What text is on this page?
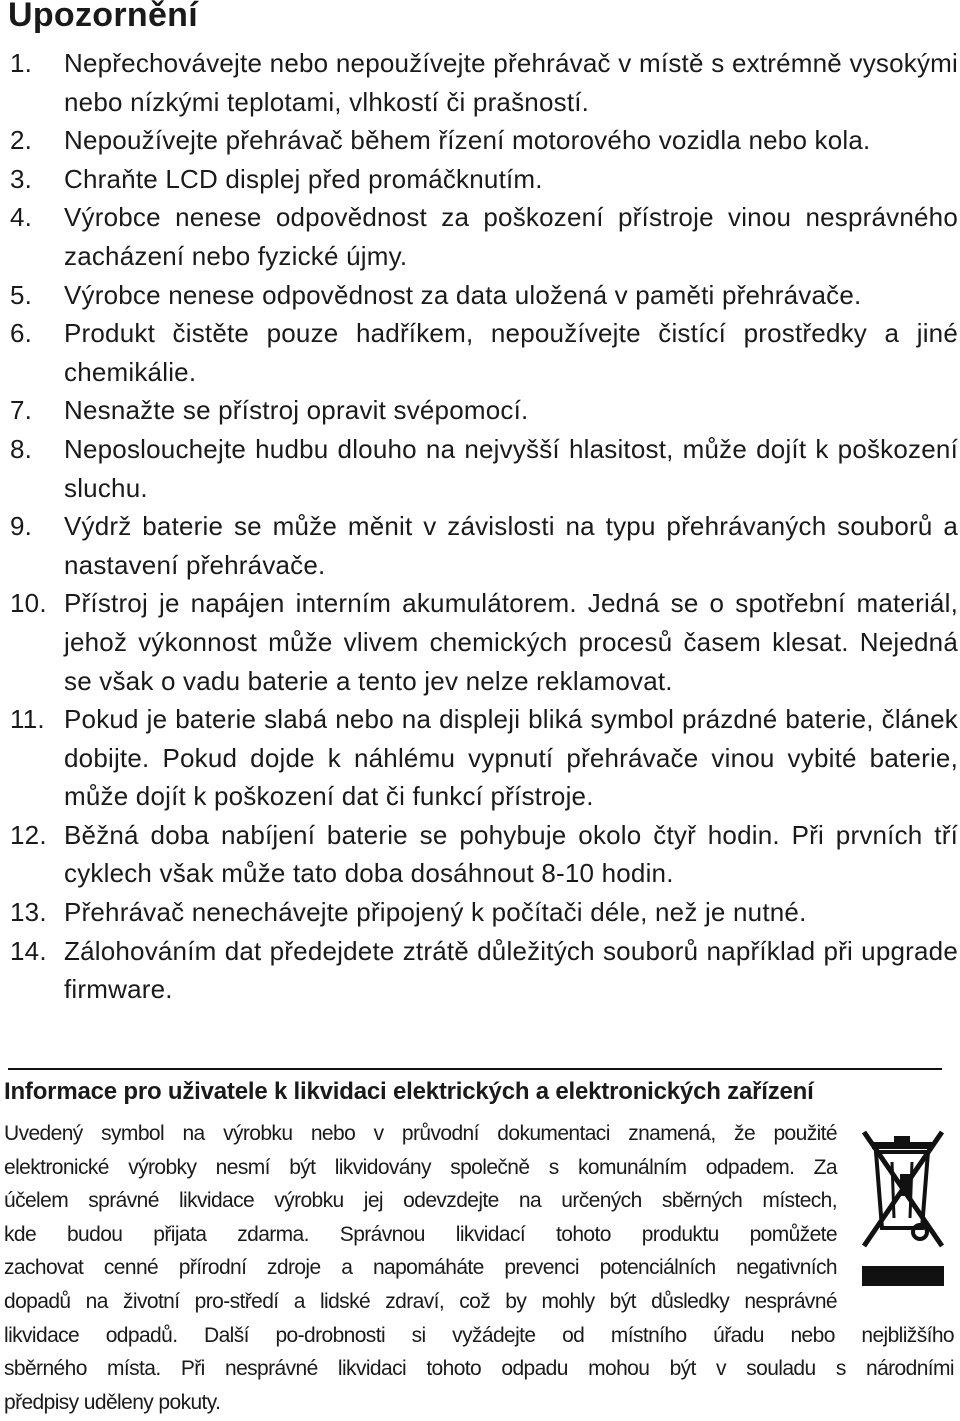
Upozornění
1. Nepřechovávejte nebo nepoužívejte přehrávač v místě s extrémně vysokými nebo nízkými teplotami, vlhkostí či prašností.
2. Nepoužívejte přehrávač během řízení motorového vozidla nebo kola.
3. Chraňte LCD displej před promáčknutím.
4. Výrobce nenese odpovědnost za poškození přístroje vinou nesprávného zacházení nebo fyzické újmy.
5. Výrobce nenese odpovědnost za data uložená v paměti přehrávače.
6. Produkt čistěte pouze hadříkem, nepoužívejte čistící prostředky a jiné chemikálie.
7. Nesnažte se přístroj opravit svépomocí.
8. Neposlouchejte hudbu dlouho na nejvyšší hlasitost, může dojít k poškození sluchu.
9. Výdrž baterie se může měnit v závislosti na typu přehrávaných souborů a nastavení přehrávače.
10. Přístroj je napájen interním akumulátorem. Jedná se o spotřební materiál, jehož výkonnost může vlivem chemických procesů časem klesat. Nejedná se však o vadu baterie a tento jev nelze reklamovat.
11. Pokud je baterie slabá nebo na displeji bliká symbol prázdné baterie, článek dobijte. Pokud dojde k náhlému vypnutí přehrávače vinou vybité baterie, může dojít k poškození dat či funkcí přístroje.
12. Běžná doba nabíjení baterie se pohybuje okolo čtyř hodin. Při prvních tří cyklech však může tato doba dosáhnout 8-10 hodin.
13. Přehrávač nenechávejte připojený k počítači déle, než je nutné.
14. Zálohováním dat předejdete ztrátě důležitých souborů například při upgrade firmware.
Informace pro uživatele k likvidaci elektrických a elektronických zařízení
Uvedený symbol na výrobku nebo v průvodní dokumentaci znamená, že použité
elektronické výrobky nesmí být likvidovány společně s komunálním odpadem. Za
účelem správné likvidace výrobku jej odevzdejte na určených sběrných místech,
kde budou přijata zdarma. Správnou likvidací tohoto produktu pomůžete
zachovat cenné přírodní zdroje a napomáháte prevenci potenciálních negativních
dopadů na životní pro-středí a lidské zdraví, což by mohly být důsledky nesprávné
likvidace odpadů. Další po-drobnosti si vyžádejte od místního úřadu nebo nejbližšího
sběrného místa. Při nesprávné likvidaci tohoto odpadu mohou být v souladu s národními
předpisy uděleny pokuty.
